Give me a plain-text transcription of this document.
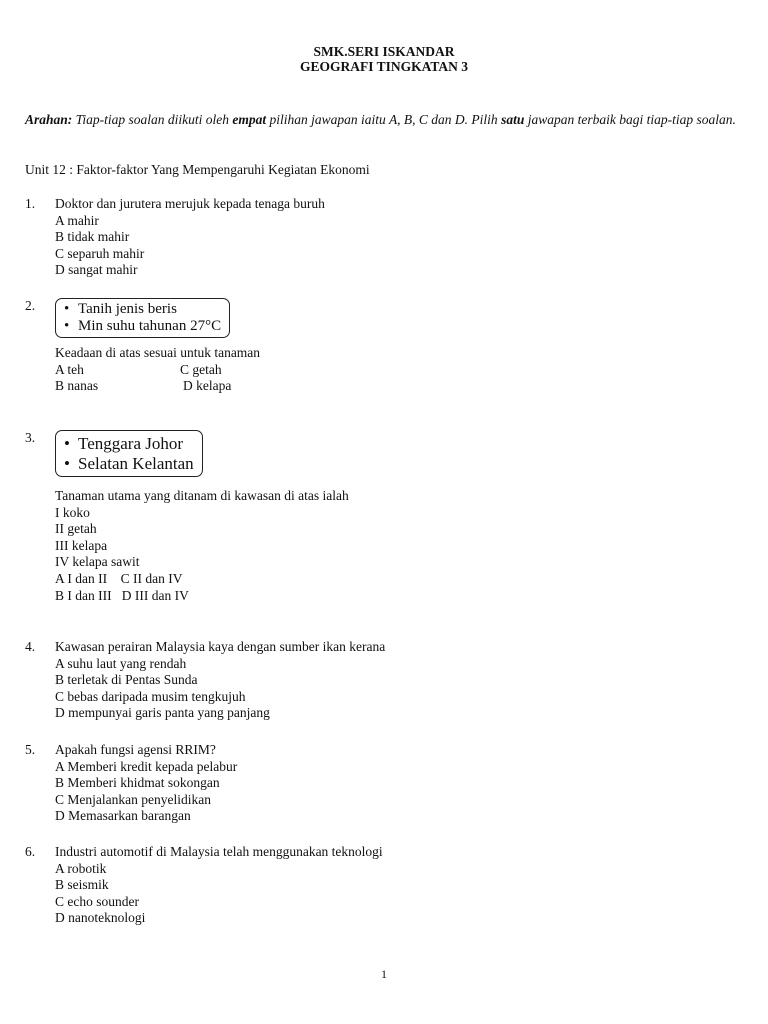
SMK.SERI ISKANDAR
GEOGRAFI TINGKATAN 3
Arahan: Tiap-tiap soalan diikuti oleh empat pilihan jawapan iaitu A, B, C dan D. Pilih satu jawapan terbaik bagi tiap-tiap soalan.
Unit 12 : Faktor-faktor Yang Mempengaruhi Kegiatan Ekonomi
1. Doktor dan jurutera merujuk kepada tenaga buruh
A mahir
B tidak mahir
C separuh mahir
D sangat mahir
2. • Tanih jenis beris
• Min suhu tahunan 27°C
Keadaan di atas sesuai untuk tanaman
A teh	C getah
B nanas	D kelapa
3. • Tenggara Johor
• Selatan Kelantan
Tanaman utama yang ditanam di kawasan di atas ialah
I koko
II getah
III kelapa
IV kelapa sawit
A I dan II    C II dan IV
B I dan III   D III dan IV
4. Kawasan perairan Malaysia kaya dengan sumber ikan kerana
A suhu laut yang rendah
B terletak di Pentas Sunda
C bebas daripada musim tengkujuh
D mempunyai garis panta yang panjang
5. Apakah fungsi agensi RRIM?
A Memberi kredit kepada pelabur
B Memberi khidmat sokongan
C Menjalankan penyelidikan
D Memasarkan barangan
6. Industri automotif di Malaysia telah menggunakan teknologi
A robotik
B seismik
C echo sounder
D nanoteknologi
1
